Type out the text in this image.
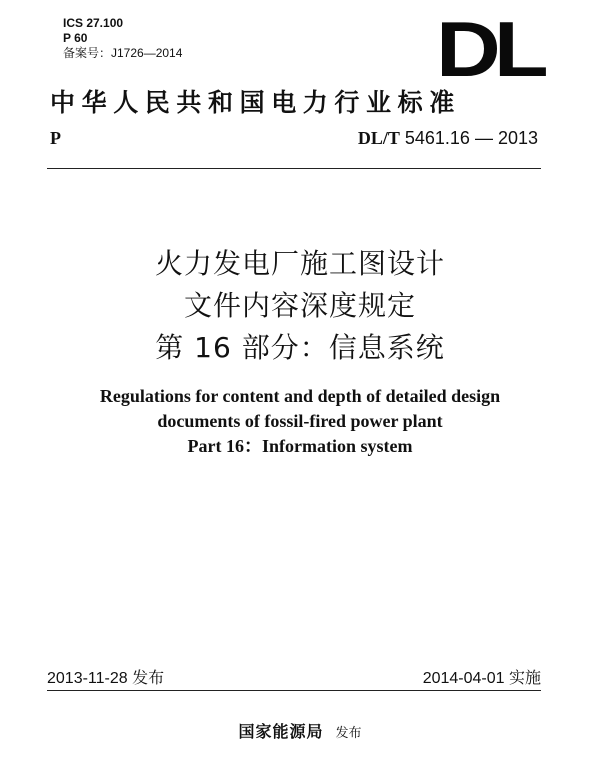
ICS 27.100
P 60
备案号：J1726—2014	DL
中华人民共和国电力行业标准
P	DL/T 5461.16 — 2013
火力发电厂施工图设计
文件内容深度规定
第 16 部分：信息系统
Regulations for content and depth of detailed design
documents of fossil-fired power plant
Part 16：Information system
2013-11-28 发布	2014-04-01 实施
国家能源局 发布
